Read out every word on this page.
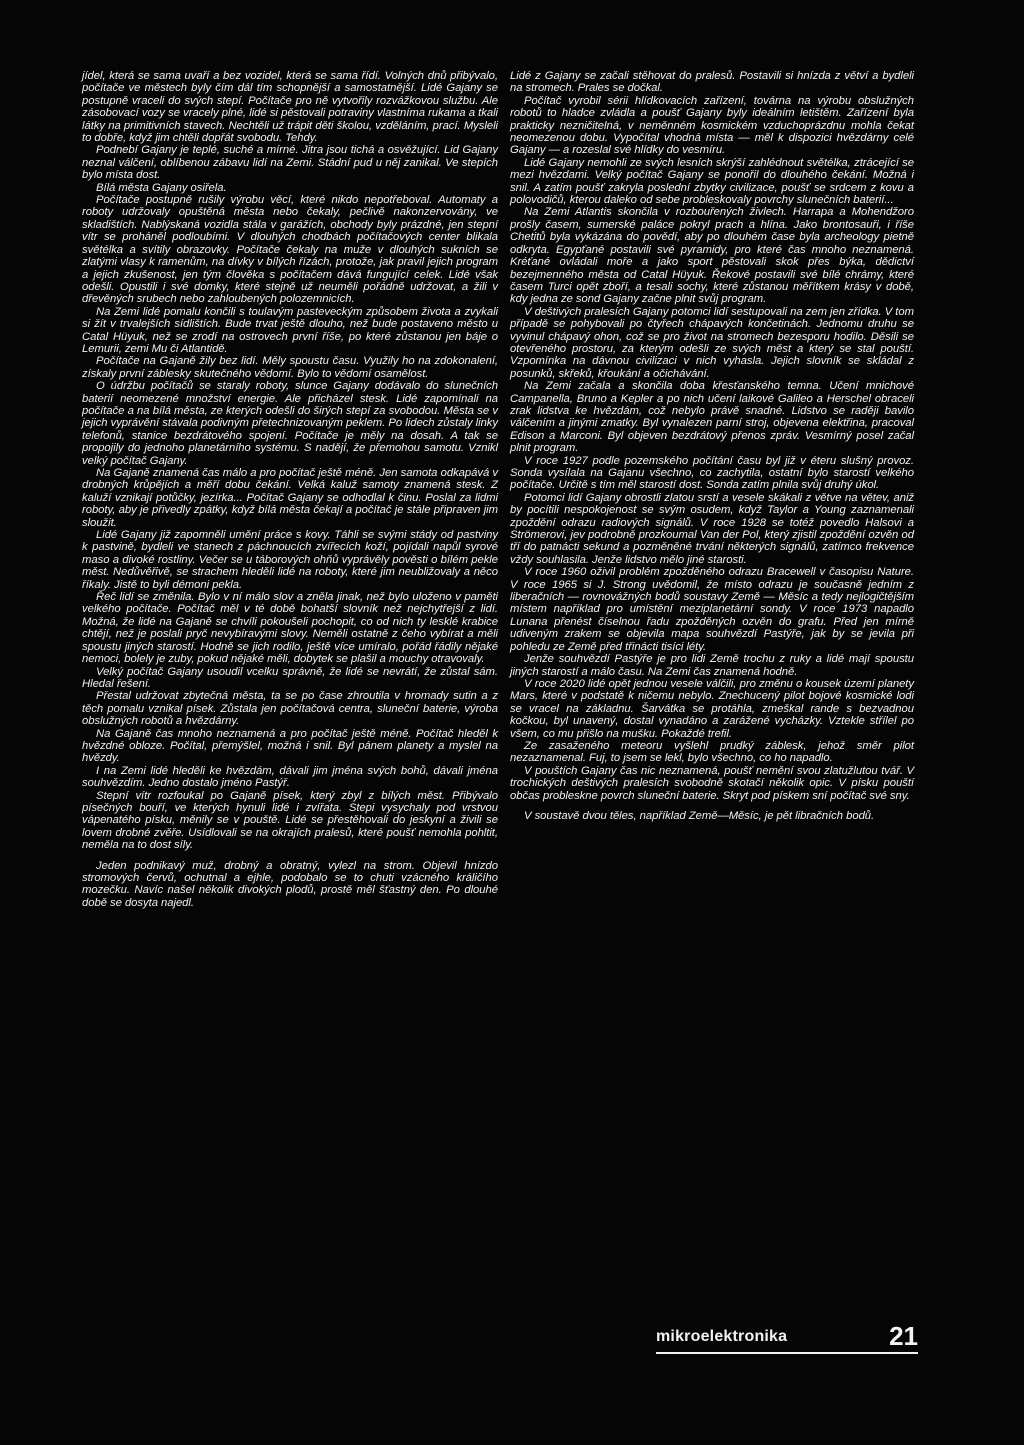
jídel, která se sama uvaří a bez vozidel, která se sama řídí. Volných dnů přibývalo, počítače ve městech byly čím dál tím schopnější a samostatnější. Lidé Gajany se postupně vraceli do svých stepí. Počítače pro ně vytvořily rozvážkovou službu. Ale zásobovací vozy se vracely plné, lidé si pěstovali potraviny vlastníma rukama a tkali látky na primitivních stavech. Nechtěli už trápit děti školou, vzděláním, prací. Mysleli to dobře, když jim chtěli dopřát svobodu. Tehdy.

Podnebí Gajany je teplé, suché a mírné. Jitra jsou tichá a osvěžující. Lid Gajany neznal válčení, oblíbenou zábavu lidí na Zemi. Stádní pud u něj zanikal. Ve stepích bylo místa dost.

Bílá města Gajany osiřela.

Počítače postupně rušily výrobu věcí, které nikdo nepotřeboval. Automaty a roboty udržovaly opuštěná města nebo čekaly, pečlivě nakonzervovány, ve skladištích. Nablýskaná vozidla stála v garážích, obchody byly prázdné, jen stepní vítr se proháněl podloubími. V dlouhých chodbách počítačových center blikala světélka a svítily obrazovky. Počítače čekaly na muže v dlouhých sukních se zlatými vlasy k ramenům, na dívky v bílých řízách, protože, jak pravil jejich program a jejich zkušenost, jen tým člověka s počítačem dává fungující celek. Lidé však odešli. Opustili i své domky, které stejně už neuměli pořádně udržovat, a žili v dřevěných srubech nebo zahloubených polozemnicích.

Na Zemi lidé pomalu končili s toulavým pasteveckým způsobem života a zvykali si žít v trvalejších sídlištích. Bude trvat ještě dlouho, než bude postaveno město u Catal Hüyuk, než se zrodí na ostrovech první říše, po které zůstanou jen báje o Lemurii, zemi Mu či Atlantidě.

Počítače na Gajaně žily bez lidí. Měly spoustu času. Využily ho na zdokonalení, získaly první záblesky skutečného vědomí. Bylo to vědomí osamělost.

O údržbu počítačů se staraly roboty, slunce Gajany dodávalo do slunečních baterií neomezené množství energie. Ale přicházel stesk. Lidé zapomínali na počítače a na bílá města, ze kterých odešli do širých stepí za svobodou. Města se v jejich vyprávění stávala podivným přetechnizovaným peklem. Po lidech zůstaly linky telefonů, stanice bezdrátového spojení. Počítače je měly na dosah. A tak se propojily do jednoho planetárního systému. S nadějí, že přemohou samotu. Vznikl velký počítač Gajany.

Na Gajaně znamená čas málo a pro počítač ještě méně. Jen samota odkapává v drobných krůpějích a měří dobu čekání. Velká kaluž samoty znamená stesk. Z kaluží vznikají potůčky, jezírka... Počítač Gajany se odhodlal k činu. Poslal za lidmi roboty, aby je přivedly zpátky, když bílá města čekají a počítač je stále připraven jim sloužit.

Lidé Gajany již zapomněli umění práce s kovy. Táhli se svými stády od pastviny k pastvině, bydleli ve stanech z páchnoucích zvířecích koží, pojídali napůl syrové maso a divoké rostliny. Večer se u táborových ohňů vyprávěly pověsti o bílém pekle měst. Nedůvěřivě, se strachem hleděli lidé na roboty, které jim neubližovaly a něco říkaly. Jistě to byli démoni pekla.

Řeč lidí se změnila. Bylo v ní málo slov a zněla jinak, než bylo uloženo v paměti velkého počítače. Počítač měl v té době bohatší slovník než nejchytřejší z lidí. Možná, že lidé na Gajaně se chvíli pokoušeli pochopit, co od nich ty lesklé krabice chtějí, než je poslali pryč nevybíravými slovy. Neměli ostatně z čeho vybírat a měli spoustu jiných starostí. Hodně se jich rodilo, ještě více umíralo, pořád řádily nějaké nemoci, bolely je zuby, pokud nějaké měli, dobytek se plašil a mouchy otravovaly.

Velký počítač Gajany usoudil vcelku správně, že lidé se nevrátí, že zůstal sám. Hledal řešení.

Přestal udržovat zbytečná města, ta se po čase zhroutila v hromady sutin a z těch pomalu vznikal písek. Zůstala jen počítačová centra, sluneční baterie, výroba obslužných robotů a hvězdárny.

Na Gajaně čas mnoho neznamená a pro počítač ještě méně. Počítač hleděl k hvězdné obloze. Počítal, přemýšlel, možná i snil. Byl pánem planety a myslel na hvězdy.

I na Zemi lidé hleděli ke hvězdám, dávali jim jména svých bohů, dávali jména souhvězdím. Jedno dostalo jméno Pastýř.

Stepní vítr rozfoukal po Gajaně písek, který zbyl z bílých měst. Přibývalo písečných bouří, ve kterých hynuli lidé i zvířata. Stepi vysychaly pod vrstvou vápenatého písku, měnily se v pouště. Lidé se přestěhovali do jeskyní a živili se lovem drobné zvěře. Usídlovali se na okrajích pralesů, které poušť nemohla pohltit, neměla na to dost síly.

Jeden podnikavý muž, drobný a obratný, vylezl na strom. Objevil hnízdo stromových červů, ochutnal a ejhle, podobalo se to chuti vzácného králičího mozečku. Navíc našel několik divokých plodů, prostě měl šťastný den. Po dlouhé době se dosyta najedl.

Lidé z Gajany se začali stěhovat do pralesů. Postavili si hnízda z větví a bydleli na stromech. Prales se dočkal.

Počítač vyrobil sérii hlídkovacích zařízení, továrna na výrobu obslužných robotů to hladce zvládla a poušť Gajany byly ideálním letištěm. Zařízení byla prakticky nezničitelná, v neměnném kosmickém vzduchoprázdnu mohla čekat neomezenou dobu. Vypočítal vhodná místa — měl k dispozici hvězdárny celé Gajany — a rozeslal své hlídky do vesmíru.

Lidé Gajany nemohli ze svých lesních skrýší zahlédnout světélka, ztrácející se mezi hvězdami. Velký počítač Gajany se ponořil do dlouhého čekání. Možná i snil. A zatím poušť zakryla poslední zbytky civilizace, poušť se srdcem z kovu a polovodičů, kterou daleko od sebe probleskovaly povrchy slunečních baterií...

Na Zemi Atlantis skončila v rozbouřených živlech. Harrapa a Mohendžoro prošly časem, sumerské paláce pokryl prach a hlína. Jako brontosauři, i říše Chetitů byla vykázána do povědí, aby po dlouhém čase byla archeology pietně odkryta. Egypťané postavili své pyramidy, pro které čas mnoho neznamená. Kréťané ovládali moře a jako sport pěstovali skok přes býka, dědictví bezejmenného města od Catal Hüyuk. Řekové postavili své bílé chrámy, které časem Turci opět zboří, a tesali sochy, které zůstanou měřítkem krásy v době, kdy jedna ze sond Gajany začne plnit svůj program.

V deštivých pralesích Gajany potomci lidí sestupovali na zem jen zřídka. V tom případě se pohybovali po čtyřech chápavých končetinách. Jednomu druhu se vyvinul chápavý ohon, což se pro život na stromech bezesporu hodilo. Děsili se otevřeného prostoru, za kterým odešli ze svých měst a který se stal pouští. Vzpomínka na dávnou civilizaci v nich vyhasla. Jejich slovník se skládal z posunků, skřeků, křoukání a očichávání.

Na Zemi začala a skončila doba křesťanského temna. Učení mnichové Campanella, Bruno a Kepler a po nich učení laikové Galileo a Herschel obraceli zrak lidstva ke hvězdám, což nebylo právě snadné. Lidstvo se raději bavilo válčením a jinými zmatky. Byl vynalezen parní stroj, objevena elektřina, pracoval Edison a Marconi. Byl objeven bezdrátový přenos zpráv. Vesmírný posel začal plnit program.

V roce 1927 podle pozemského počítání času byl již v éteru slušný provoz. Sonda vysílala na Gajanu všechno, co zachytila, ostatní bylo starostí velkého počítače. Určitě s tím měl starostí dost. Sonda zatím plnila svůj druhý úkol.

Potomci lidí Gajany obrostli zlatou srstí a vesele skákali z větve na větev, aniž by pocítili nespokojenost se svým osudem, když Taylor a Young zaznamenali zpoždění odrazu radiových signálů. V roce 1928 se totéž povedlo Halsovi a Strömerovi, jev podrobně prozkoumal Van der Pol, který zjistil zpoždění ozvěn od tří do patnácti sekund a pozměněné trvání některých signálů, zatímco frekvence vždy souhlasila. Jenže lidstvo mělo jiné starosti.

V roce 1960 oživil problém zpožděného odrazu Bracewell v časopisu Nature. V roce 1965 si J. Strong uvědomil, že místo odrazu je současně jedním z liberačních — rovnovážných bodů soustavy Země — Měsíc a tedy nejlogičtějším místem například pro umístění meziplanetární sondy. V roce 1973 napadlo Lunana přenést číselnou řadu zpožděných ozvěn do grafu. Před jen mírně udiveným zrakem se objevila mapa souhvězdí Pastýře, jak by se jevila při pohledu ze Země před třinácti tisíci léty.

Jenže souhvězdí Pastýře je pro lidi Země trochu z ruky a lidé mají spoustu jiných starostí a málo času. Na Zemi čas znamená hodně.

V roce 2020 lidé opět jednou vesele válčili, pro změnu o kousek území planety Mars, které v podstatě k ničemu nebylo. Znechucený pilot bojové kosmické lodi se vracel na základnu. Šarvátka se protáhla, zmeškal rande s bezvadnou kočkou, byl unavený, dostal vynadáno a zarážené vycházky. Vztekle střílel po všem, co mu přišlo na mušku. Pokaždé trefil.

Ze zasaženého meteoru vyšlehl prudký záblesk, jehož směr pilot nezaznamenal. Fuj, to jsem se lekl, bylo všechno, co ho napadlo.

V pouštích Gajany čas nic neznamená, poušť nemění svou zlatužlutou tvář. V trochických deštivých pralesích svobodně skotačí několik opic. V písku pouští občas probleskne povrch sluneční baterie. Skryt pod pískem sní počítač své sny.

V soustavě dvou těles, například Země—Měsíc, je pět libračních bodů.

mikroelektronika	21
